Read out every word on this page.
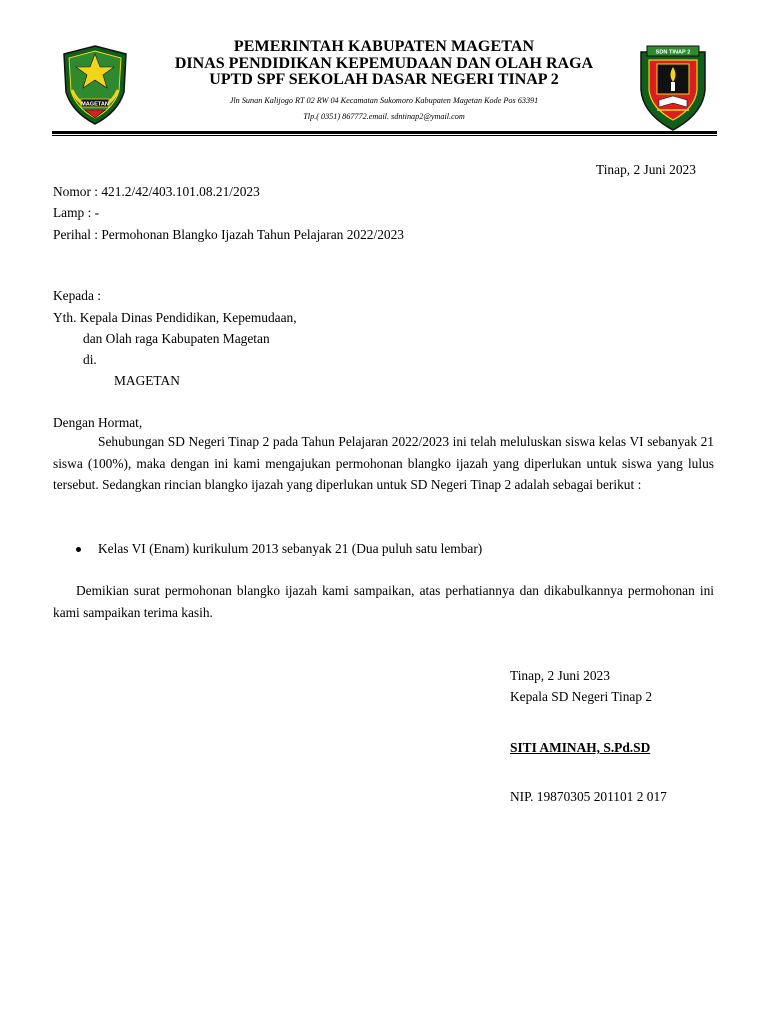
MAGETAN
PEMERINTAH KABUPATEN MAGETAN
DINAS PENDIDIKAN KEPEMUDAAN DAN OLAH RAGA
UPTD SPF SEKOLAH DASAR NEGERI TINAP 2
Jln Sunan Kalijogo RT 02 RW 04 Kecamatan Sukomoro Kabupaten Magetan Kode Pos 63391
Tlp.( 0351) 867772.email. sdntinap2@ymail.com
SDN TINAP 2
Tinap, 2 Juni 2023
Nomor : 421.2/42/403.101.08.21/2023
Lamp : -
Perihal : Permohonan Blangko Ijazah Tahun Pelajaran 2022/2023
Kepada :
Yth. Kepala Dinas Pendidikan, Kepemudaan,
dan Olah raga Kabupaten Magetan
di.
MAGETAN
Dengan Hormat,
Sehubungan SD Negeri Tinap 2 pada Tahun Pelajaran 2022/2023 ini telah meluluskan siswa kelas VI sebanyak 21 siswa (100%), maka dengan ini kami mengajukan permohonan blangko ijazah yang diperlukan untuk siswa yang lulus tersebut. Sedangkan rincian blangko ijazah yang diperlukan untuk SD Negeri Tinap 2 adalah sebagai berikut :
Kelas VI (Enam) kurikulum 2013 sebanyak 21 (Dua puluh satu lembar)
Demikian surat permohonan blangko ijazah kami sampaikan, atas perhatiannya dan dikabulkannya permohonan ini kami sampaikan terima kasih.
Tinap, 2 Juni 2023
Kepala SD Negeri Tinap 2
SITI AMINAH, S.Pd.SD
NIP. 19870305 201101 2 017
